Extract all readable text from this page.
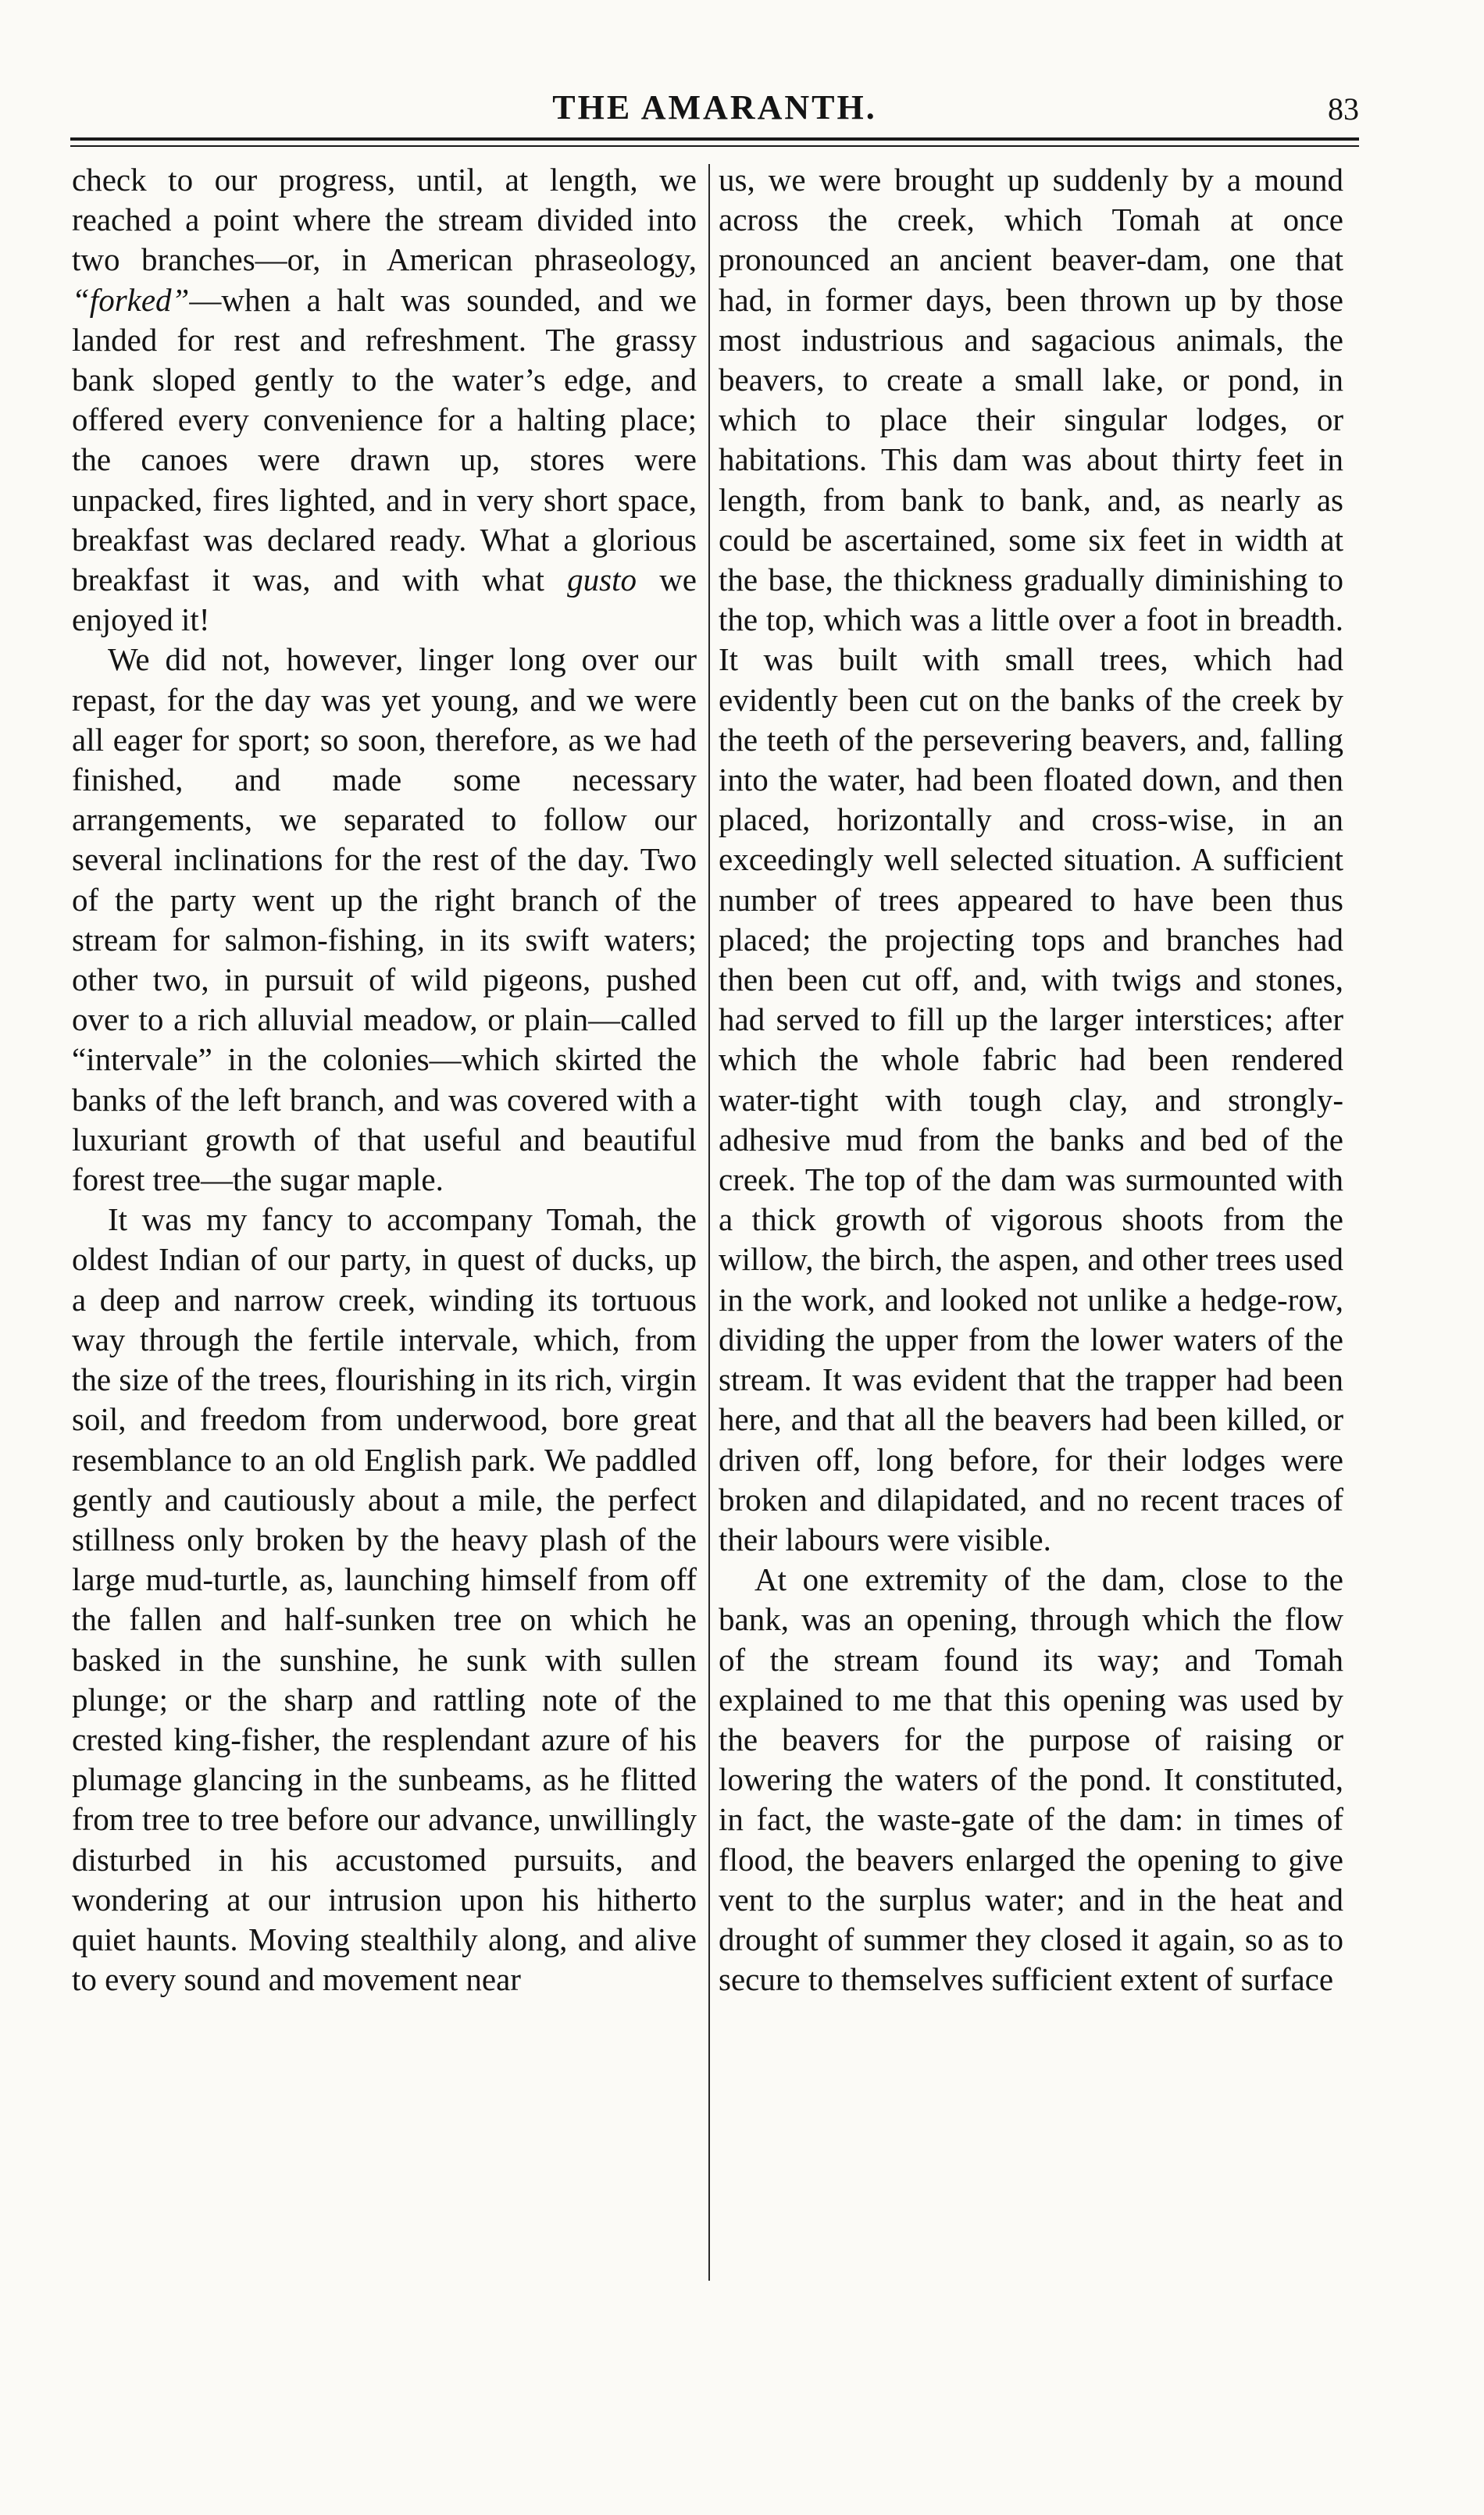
THE AMARANTH.	83

check to our progress, until, at length, we reached a point where the stream divided into two branches—or, in American phraseology, “forked”—when a halt was sounded, and we landed for rest and refreshment. The grassy bank sloped gently to the water’s edge, and offered every convenience for a halting place; the canoes were drawn up, stores were unpacked, fires lighted, and in very short space, breakfast was declared ready. What a glorious breakfast it was, and with what gusto we enjoyed it!

We did not, however, linger long over our repast, for the day was yet young, and we were all eager for sport; so soon, therefore, as we had finished, and made some necessary arrangements, we separated to follow our several inclinations for the rest of the day. Two of the party went up the right branch of the stream for salmon-fishing, in its swift waters; other two, in pursuit of wild pigeons, pushed over to a rich alluvial meadow, or plain—called “intervale” in the colonies—which skirted the banks of the left branch, and was covered with a luxuriant growth of that useful and beautiful forest tree—the sugar maple.

It was my fancy to accompany Tomah, the oldest Indian of our party, in quest of ducks, up a deep and narrow creek, winding its tortuous way through the fertile intervale, which, from the size of the trees, flourishing in its rich, virgin soil, and freedom from underwood, bore great resemblance to an old English park. We paddled gently and cautiously about a mile, the perfect stillness only broken by the heavy plash of the large mud-turtle, as, launching himself from off the fallen and half-sunken tree on which he basked in the sunshine, he sunk with sullen plunge; or the sharp and rattling note of the crested king-fisher, the resplendant azure of his plumage glancing in the sunbeams, as he flitted from tree to tree before our advance, unwillingly disturbed in his accustomed pursuits, and wondering at our intrusion upon his hitherto quiet haunts. Moving stealthily along, and alive to every sound and movement near

us, we were brought up suddenly by a mound across the creek, which Tomah at once pronounced an ancient beaver-dam, one that had, in former days, been thrown up by those most industrious and sagacious animals, the beavers, to create a small lake, or pond, in which to place their singular lodges, or habitations. This dam was about thirty feet in length, from bank to bank, and, as nearly as could be ascertained, some six feet in width at the base, the thickness gradually diminishing to the top, which was a little over a foot in breadth. It was built with small trees, which had evidently been cut on the banks of the creek by the teeth of the persevering beavers, and, falling into the water, had been floated down, and then placed, horizontally and cross-wise, in an exceedingly well selected situation. A sufficient number of trees appeared to have been thus placed; the projecting tops and branches had then been cut off, and, with twigs and stones, had served to fill up the larger interstices; after which the whole fabric had been rendered water-tight with tough clay, and strongly-adhesive mud from the banks and bed of the creek. The top of the dam was surmounted with a thick growth of vigorous shoots from the willow, the birch, the aspen, and other trees used in the work, and looked not unlike a hedge-row, dividing the upper from the lower waters of the stream. It was evident that the trapper had been here, and that all the beavers had been killed, or driven off, long before, for their lodges were broken and dilapidated, and no recent traces of their labours were visible.

At one extremity of the dam, close to the bank, was an opening, through which the flow of the stream found its way; and Tomah explained to me that this opening was used by the beavers for the purpose of raising or lowering the waters of the pond. It constituted, in fact, the waste-gate of the dam: in times of flood, the beavers enlarged the opening to give vent to the surplus water; and in the heat and drought of summer they closed it again, so as to secure to themselves sufficient extent of surface
